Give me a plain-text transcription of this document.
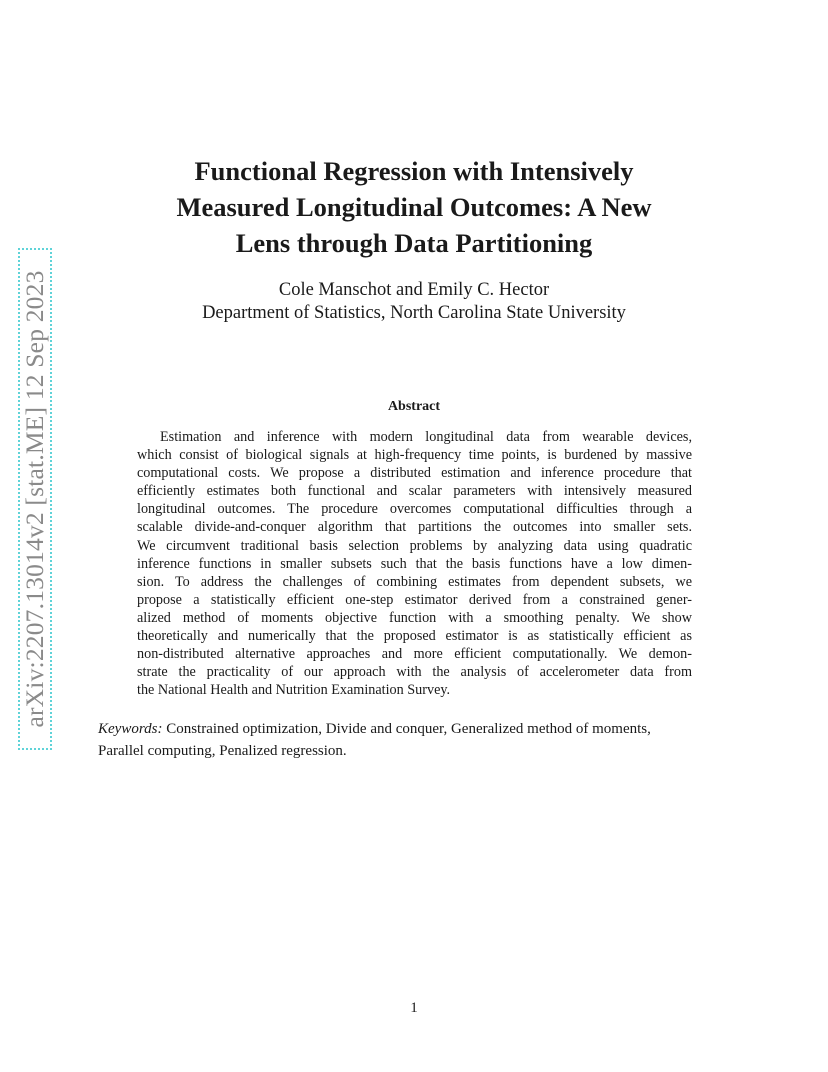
arXiv:2207.13014v2 [stat.ME] 12 Sep 2023
Functional Regression with Intensively
Measured Longitudinal Outcomes: A New
Lens through Data Partitioning
Cole Manschot and Emily C. Hector
Department of Statistics, North Carolina State University
Abstract
Estimation and inference with modern longitudinal data from wearable devices,
which consist of biological signals at high-frequency time points, is burdened by massive
computational costs. We propose a distributed estimation and inference procedure that
efficiently estimates both functional and scalar parameters with intensively measured
longitudinal outcomes. The procedure overcomes computational difficulties through a
scalable divide-and-conquer algorithm that partitions the outcomes into smaller sets.
We circumvent traditional basis selection problems by analyzing data using quadratic
inference functions in smaller subsets such that the basis functions have a low dimen-
sion. To address the challenges of combining estimates from dependent subsets, we
propose a statistically efficient one-step estimator derived from a constrained gener-
alized method of moments objective function with a smoothing penalty. We show
theoretically and numerically that the proposed estimator is as statistically efficient as
non-distributed alternative approaches and more efficient computationally. We demon-
strate the practicality of our approach with the analysis of accelerometer data from
the National Health and Nutrition Examination Survey.
Keywords: Constrained optimization, Divide and conquer, Generalized method of moments,
Parallel computing, Penalized regression.
1
